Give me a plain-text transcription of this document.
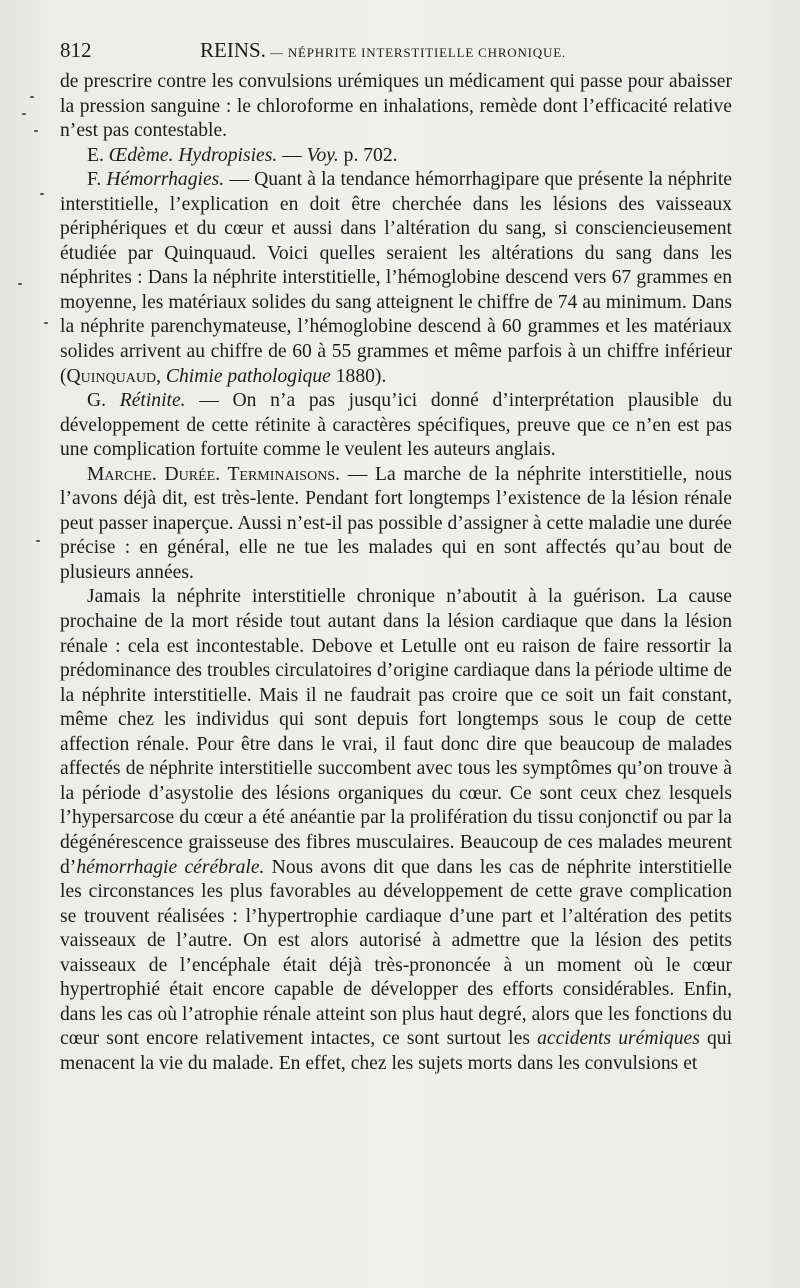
812	REINS. — NÉPHRITE INTERSTITIELLE CHRONIQUE.

de prescrire contre les convulsions urémiques un médicament qui passe pour abaisser la pression sanguine : le chloroforme en inhalations, remède dont l’efficacité relative n’est pas contestable.

E. Œdème. Hydropisies. — Voy. p. 702.

F. Hémorrhagies. — Quant à la tendance hémorrhagipare que présente la néphrite interstitielle, l’explication en doit être cherchée dans les lésions des vaisseaux périphériques et du cœur et aussi dans l’altération du sang, si consciencieusement étudiée par Quinquaud. Voici quelles seraient les altérations du sang dans les néphrites : Dans la néphrite interstitielle, l’hémoglobine descend vers 67 grammes en moyenne, les matériaux solides du sang atteignent le chiffre de 74 au minimum. Dans la néphrite parenchymateuse, l’hémoglobine descend à 60 grammes et les matériaux solides arrivent au chiffre de 60 à 55 grammes et même parfois à un chiffre inférieur (Quinquaud, Chimie pathologique 1880).

G. Rétinite. — On n’a pas jusqu’ici donné d’interprétation plausible du développement de cette rétinite à caractères spécifiques, preuve que ce n’en est pas une complication fortuite comme le veulent les auteurs anglais.

Marche. Durée. Terminaisons. — La marche de la néphrite interstitielle, nous l’avons déjà dit, est très-lente. Pendant fort longtemps l’existence de la lésion rénale peut passer inaperçue. Aussi n’est-il pas possible d’assigner à cette maladie une durée précise : en général, elle ne tue les malades qui en sont affectés qu’au bout de plusieurs années.

Jamais la néphrite interstitielle chronique n’aboutit à la guérison. La cause prochaine de la mort réside tout autant dans la lésion cardiaque que dans la lésion rénale : cela est incontestable. Debove et Letulle ont eu raison de faire ressortir la prédominance des troubles circulatoires d’origine cardiaque dans la période ultime de la néphrite interstitielle. Mais il ne faudrait pas croire que ce soit un fait constant, même chez les individus qui sont depuis fort longtemps sous le coup de cette affection rénale. Pour être dans le vrai, il faut donc dire que beaucoup de malades affectés de néphrite interstitielle succombent avec tous les symptômes qu’on trouve à la période d’asystolie des lésions organiques du cœur. Ce sont ceux chez lesquels l’hypersarcose du cœur a été anéantie par la prolifération du tissu conjonctif ou par la dégénérescence graisseuse des fibres musculaires. Beaucoup de ces malades meurent d’hémorrhagie cérébrale. Nous avons dit que dans les cas de néphrite interstitielle les circonstances les plus favorables au développement de cette grave complication se trouvent réalisées : l’hypertrophie cardiaque d’une part et l’altération des petits vaisseaux de l’autre. On est alors autorisé à admettre que la lésion des petits vaisseaux de l’encéphale était déjà très-prononcée à un moment où le cœur hypertrophié était encore capable de développer des efforts considérables. Enfin, dans les cas où l’atrophie rénale atteint son plus haut degré, alors que les fonctions du cœur sont encore relativement intactes, ce sont surtout les accidents urémiques qui menacent la vie du malade. En effet, chez les sujets morts dans les convulsions et
